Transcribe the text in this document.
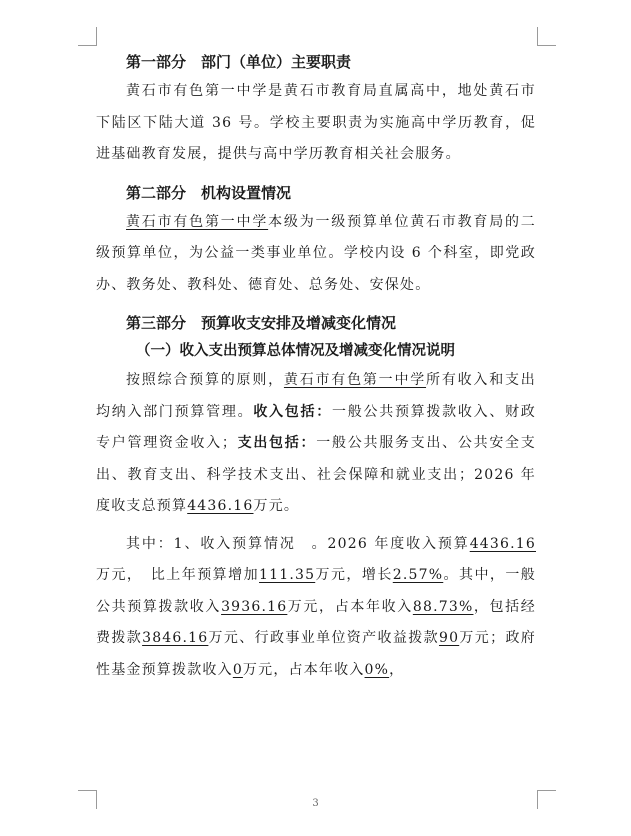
第一部分　部门（单位）主要职责

黄石市有色第一中学是黄石市教育局直属高中，地处黄石市下陆区下陆大道 36 号。学校主要职责为实施高中学历教育，促进基础教育发展，提供与高中学历教育相关社会服务。

第二部分　机构设置情况

黄石市有色第一中学本级为一级预算单位黄石市教育局的二级预算单位，为公益一类事业单位。学校内设 6 个科室，即党政办、教务处、教科处、德育处、总务处、安保处。

第三部分　预算收支安排及增减变化情况

（一）收入支出预算总体情况及增减变化情况说明

按照综合预算的原则，黄石市有色第一中学所有收入和支出均纳入部门预算管理。收入包括：一般公共预算拨款收入、财政专户管理资金收入；支出包括：一般公共服务支出、公共安全支出、教育支出、科学技术支出、社会保障和就业支出；2026 年度收支总预算4436.16万元。

其中：1、收入预算情况　。2026 年度收入预算4436.16万元，　比上年预算增加111.35万元，增长2.57%。其中，一般公共预算拨款收入3936.16万元，占本年收入88.73%，包括经费拨款3846.16万元、行政事业单位资产收益拨款90万元；政府性基金预算拨款收入0万元，占本年收入0%，

3
